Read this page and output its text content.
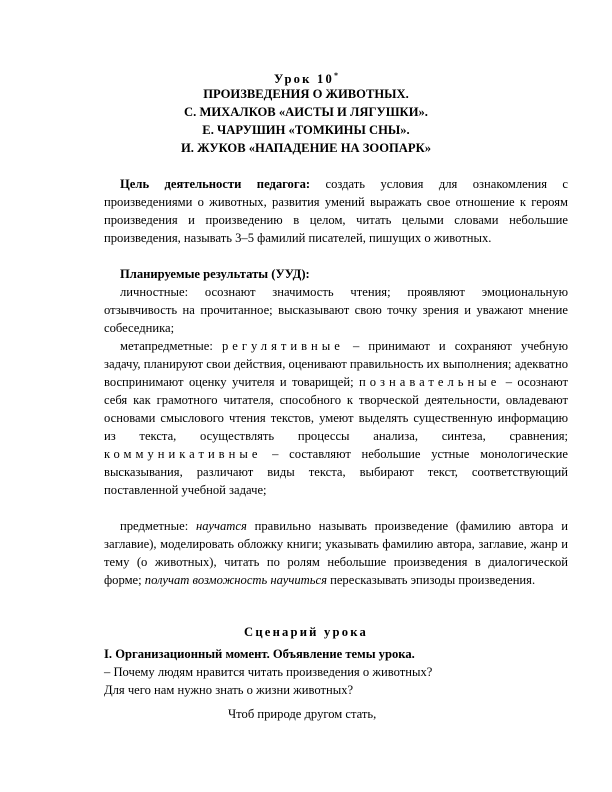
Урок 10*
ПРОИЗВЕДЕНИЯ О ЖИВОТНЫХ.
С. МИХАЛКОВ «АИСТЫ И ЛЯГУШКИ».
Е. ЧАРУШИН «ТОМКИНЫ СНЫ».
И. ЖУКОВ «НАПАДЕНИЕ НА ЗООПАРК»
Цель деятельности педагога: создать условия для ознакомления с произведениями о животных, развития умений выражать свое отношение к героям произведения и произведению в целом, читать целыми словами небольшие произведения, называть 3–5 фамилий писателей, пишущих о животных.
Планируемые результаты (УУД):
личностные: осознают значимость чтения; проявляют эмоциональную отзывчивость на прочитанное; высказывают свою точку зрения и уважают мнение собеседника;
метапредметные: регулятивные – принимают и сохраняют учебную задачу, планируют свои действия, оценивают правильность их выполнения; адекватно воспринимают оценку учителя и товарищей; познавательные – осознают себя как грамотного читателя, способного к творческой деятельности, овладевают основами смыслового чтения текстов, умеют выделять существенную информацию из текста, осуществлять процессы анализа, синтеза, сравнения; коммуникативные – составляют небольшие устные монологические высказывания, различают виды текста, выбирают текст, соответствующий поставленной учебной задаче;
предметные: научатся правильно называть произведение (фамилию автора и заглавие), моделировать обложку книги; указывать фамилию автора, заглавие, жанр и тему (о животных), читать по ролям небольшие произведения в диалогической форме; получат возможность научиться пересказывать эпизоды произведения.
Сценарий урока
I. Организационный момент. Объявление темы урока.
– Почему людям нравится читать произведения о животных?
Для чего нам нужно знать о жизни животных?
Чтоб природе другом стать,
